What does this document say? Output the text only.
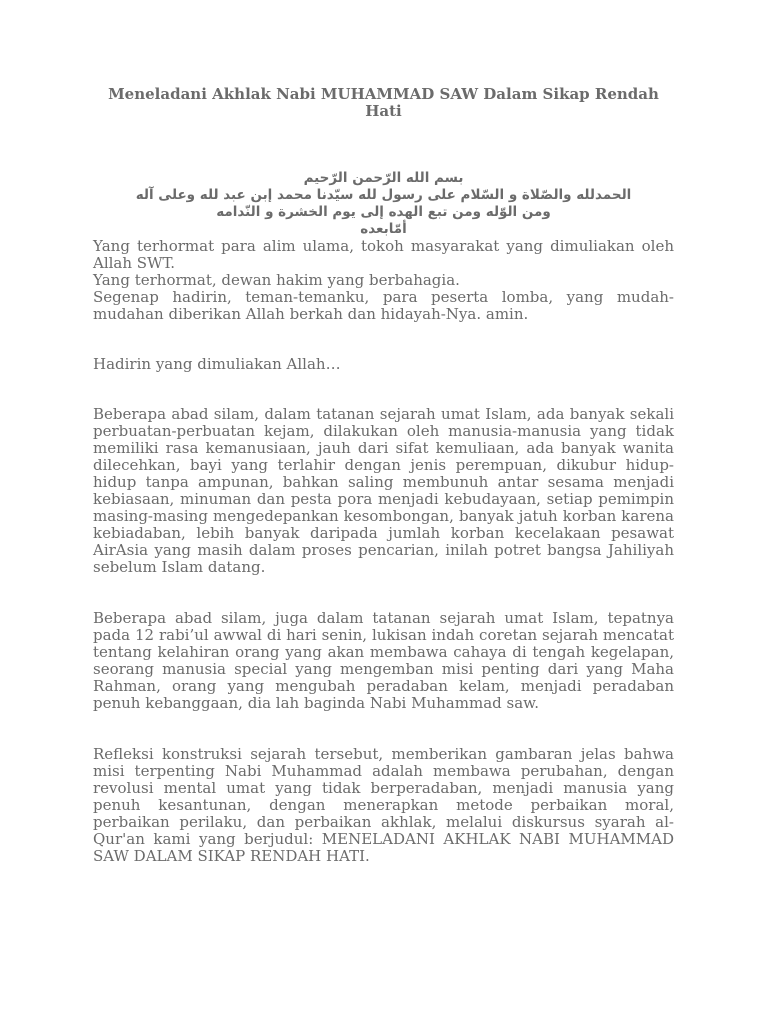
Meneladani Akhlak Nabi MUHAMMAD SAW Dalam Sikap Rendah Hati
بسم الله الرّحمن الرّحيم
الحمدلله والصّلاة و السّلام على رسول لله سيّدنا محمد إبن عبد لله وعلى آله
ومن الوّله ومن تبع الهده إلى يوم الخشرة و النّدامه
أمّابعده

Yang terhormat para alim ulama, tokoh masyarakat yang dimuliakan oleh Allah SWT.

Yang terhormat, dewan hakim yang berbahagia.

Segenap hadirin, teman-temanku, para peserta lomba, yang mudah-mudahan diberikan Allah berkah dan hidayah-Nya. amin.

Hadirin yang dimuliakan Allah…

Beberapa abad silam, dalam tatanan sejarah umat Islam, ada banyak sekali perbuatan-perbuatan kejam, dilakukan oleh manusia-manusia yang tidak memiliki rasa kemanusiaan, jauh dari sifat kemuliaan, ada banyak wanita dilecehkan, bayi yang terlahir dengan jenis perempuan, dikubur hidup-hidup tanpa ampunan, bahkan saling membunuh antar sesama menjadi kebiasaan, minuman dan pesta pora menjadi kebudayaan, setiap pemimpin masing-masing mengedepankan kesombongan, banyak jatuh korban karena kebiadaban, lebih banyak daripada jumlah korban kecelakaan pesawat AirAsia yang masih dalam proses pencarian, inilah potret bangsa Jahiliyah sebelum Islam datang.

Beberapa abad silam, juga dalam tatanan sejarah umat Islam, tepatnya pada 12 rabi’ul awwal di hari senin, lukisan indah coretan sejarah mencatat tentang kelahiran orang yang akan membawa cahaya di tengah kegelapan, seorang manusia special yang mengemban misi penting dari yang Maha Rahman, orang yang mengubah peradaban kelam, menjadi peradaban penuh kebanggaan, dia lah baginda Nabi Muhammad saw.

Refleksi konstruksi sejarah tersebut, memberikan gambaran jelas bahwa misi terpenting Nabi Muhammad adalah membawa perubahan, dengan revolusi mental umat yang tidak berperadaban, menjadi manusia yang penuh kesantunan, dengan menerapkan metode perbaikan moral, perbaikan perilaku, dan perbaikan akhlak, melalui diskursus syarah al-Qur'an kami yang berjudul: MENELADANI AKHLAK NABI MUHAMMAD SAW DALAM SIKAP RENDAH HATI.
